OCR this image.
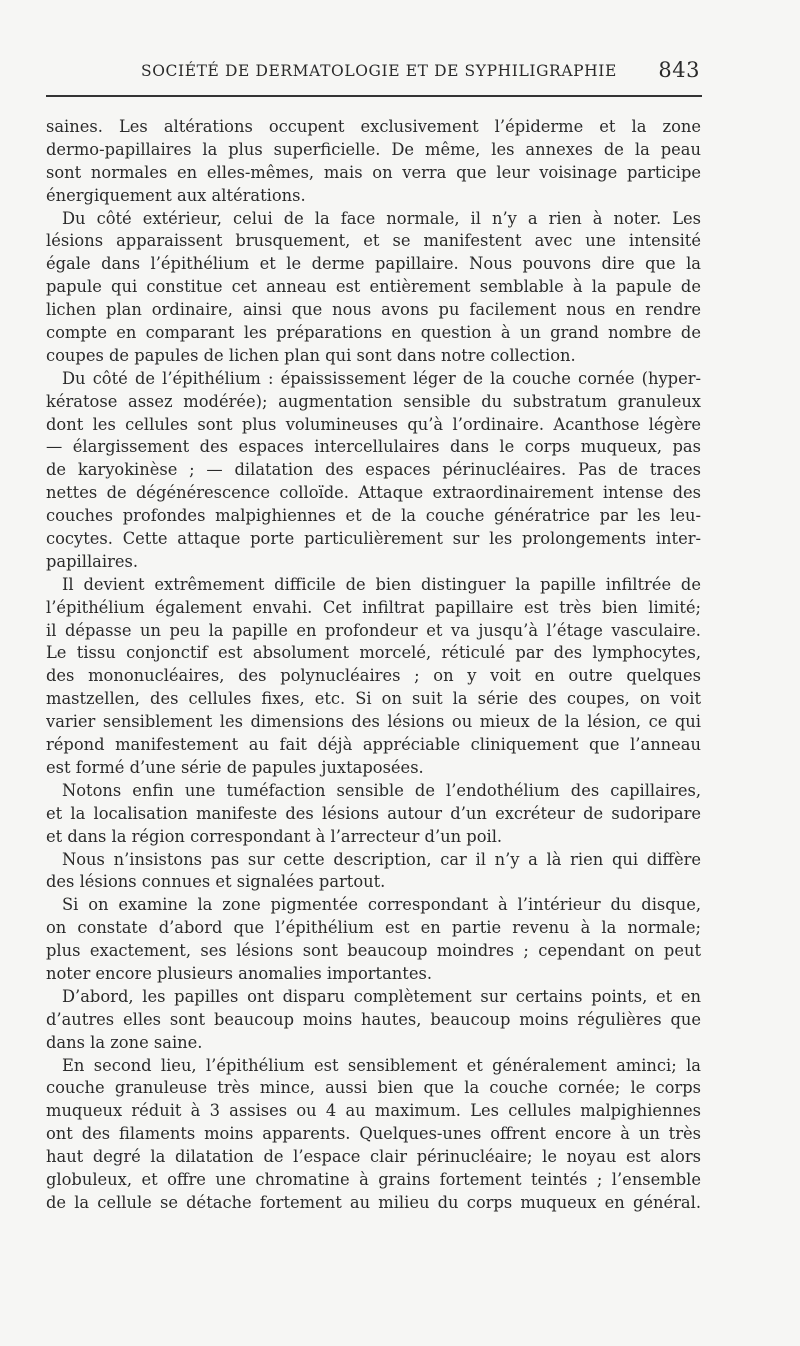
SOCIÉTÉ DE DERMATOLOGIE ET DE SYPHILIGRAPHIE 843
saines. Les altérations occupent exclusivement l’épiderme et la zone
dermo-papillaires la plus superficielle. De même, les annexes de la peau
sont normales en elles-mêmes, mais on verra que leur voisinage participe
énergiquement aux altérations.
Du côté extérieur, celui de la face normale, il n’y a rien à noter. Les
lésions apparaissent brusquement, et se manifestent avec une intensité
égale dans l’épithélium et le derme papillaire. Nous pouvons dire que la
papule qui constitue cet anneau est entièrement semblable à la papule de
lichen plan ordinaire, ainsi que nous avons pu facilement nous en rendre
compte en comparant les préparations en question à un grand nombre de
coupes de papules de lichen plan qui sont dans notre collection.
Du côté de l’épithélium : épaississement léger de la couche cornée (hyper-
kératose assez modérée); augmentation sensible du substratum granuleux
dont les cellules sont plus volumineuses qu’à l’ordinaire. Acanthose légère
— élargissement des espaces intercellulaires dans le corps muqueux, pas
de karyokinèse ; — dilatation des espaces périnucléaires. Pas de traces
nettes de dégénérescence colloïde. Attaque extraordinairement intense des
couches profondes malpighiennes et de la couche génératrice par les leu-
cocytes. Cette attaque porte particulièrement sur les prolongements inter-
papillaires.
Il devient extrêmement difficile de bien distinguer la papille infiltrée de
l’épithélium également envahi. Cet infiltrat papillaire est très bien limité;
il dépasse un peu la papille en profondeur et va jusqu’à l’étage vasculaire.
Le tissu conjonctif est absolument morcelé, réticulé par des lymphocytes,
des mononucléaires, des polynucléaires ; on y voit en outre quelques
mastzellen, des cellules fixes, etc. Si on suit la série des coupes, on voit
varier sensiblement les dimensions des lésions ou mieux de la lésion, ce qui
répond manifestement au fait déjà appréciable cliniquement que l’anneau
est formé d’une série de papules juxtaposées.
Notons enfin une tuméfaction sensible de l’endothélium des capillaires,
et la localisation manifeste des lésions autour d’un excréteur de sudoripare
et dans la région correspondant à l’arrecteur d’un poil.
Nous n’insistons pas sur cette description, car il n’y a là rien qui diffère
des lésions connues et signalées partout.
Si on examine la zone pigmentée correspondant à l’intérieur du disque,
on constate d’abord que l’épithélium est en partie revenu à la normale;
plus exactement, ses lésions sont beaucoup moindres ; cependant on peut
noter encore plusieurs anomalies importantes.
D’abord, les papilles ont disparu complètement sur certains points, et en
d’autres elles sont beaucoup moins hautes, beaucoup moins régulières que
dans la zone saine.
En second lieu, l’épithélium est sensiblement et généralement aminci; la
couche granuleuse très mince, aussi bien que la couche cornée; le corps
muqueux réduit à 3 assises ou 4 au maximum. Les cellules malpighiennes
ont des filaments moins apparents. Quelques-unes offrent encore à un très
haut degré la dilatation de l’espace clair périnucléaire; le noyau est alors
globuleux, et offre une chromatine à grains fortement teintés ; l’ensemble
de la cellule se détache fortement au milieu du corps muqueux en général.
